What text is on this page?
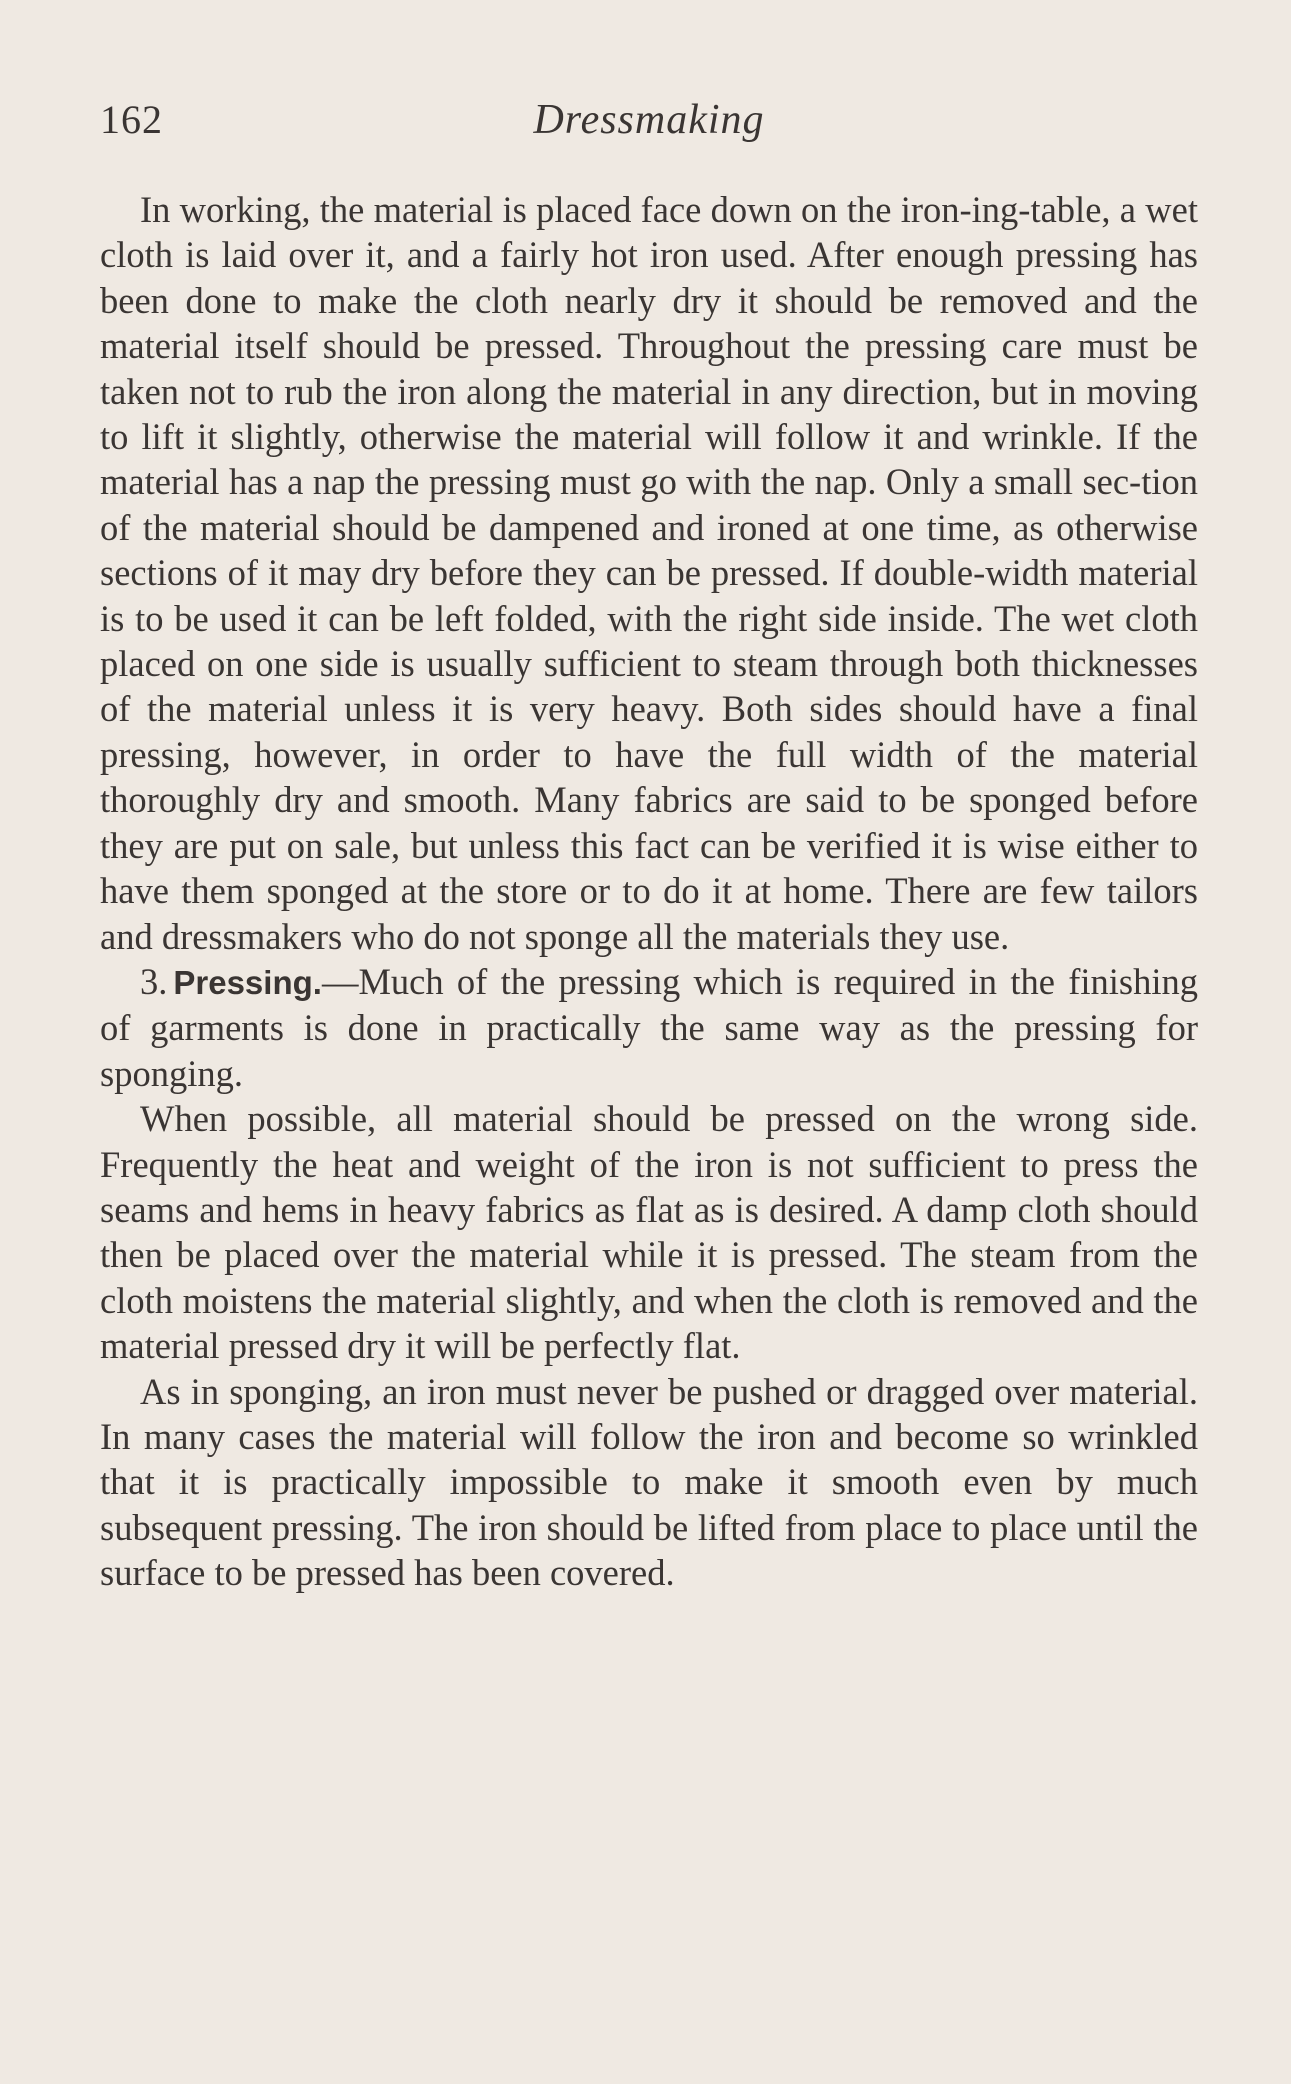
162	Dressmaking

In working, the material is placed face down on the iron-ing-table, a wet cloth is laid over it, and a fairly hot iron used. After enough pressing has been done to make the cloth nearly dry it should be removed and the material itself should be pressed. Throughout the pressing care must be taken not to rub the iron along the material in any direction, but in moving to lift it slightly, otherwise the material will follow it and wrinkle. If the material has a nap the pressing must go with the nap. Only a small sec-tion of the material should be dampened and ironed at one time, as otherwise sections of it may dry before they can be pressed. If double-width material is to be used it can be left folded, with the right side inside. The wet cloth placed on one side is usually sufficient to steam through both thicknesses of the material unless it is very heavy. Both sides should have a final pressing, however, in order to have the full width of the material thoroughly dry and smooth. Many fabrics are said to be sponged before they are put on sale, but unless this fact can be verified it is wise either to have them sponged at the store or to do it at home. There are few tailors and dressmakers who do not sponge all the materials they use.

3. Pressing.—Much of the pressing which is required in the finishing of garments is done in practically the same way as the pressing for sponging.

When possible, all material should be pressed on the wrong side. Frequently the heat and weight of the iron is not sufficient to press the seams and hems in heavy fabrics as flat as is desired. A damp cloth should then be placed over the material while it is pressed. The steam from the cloth moistens the material slightly, and when the cloth is removed and the material pressed dry it will be perfectly flat.

As in sponging, an iron must never be pushed or dragged over material. In many cases the material will follow the iron and become so wrinkled that it is practically impossible to make it smooth even by much subsequent pressing. The iron should be lifted from place to place until the surface to be pressed has been covered.
